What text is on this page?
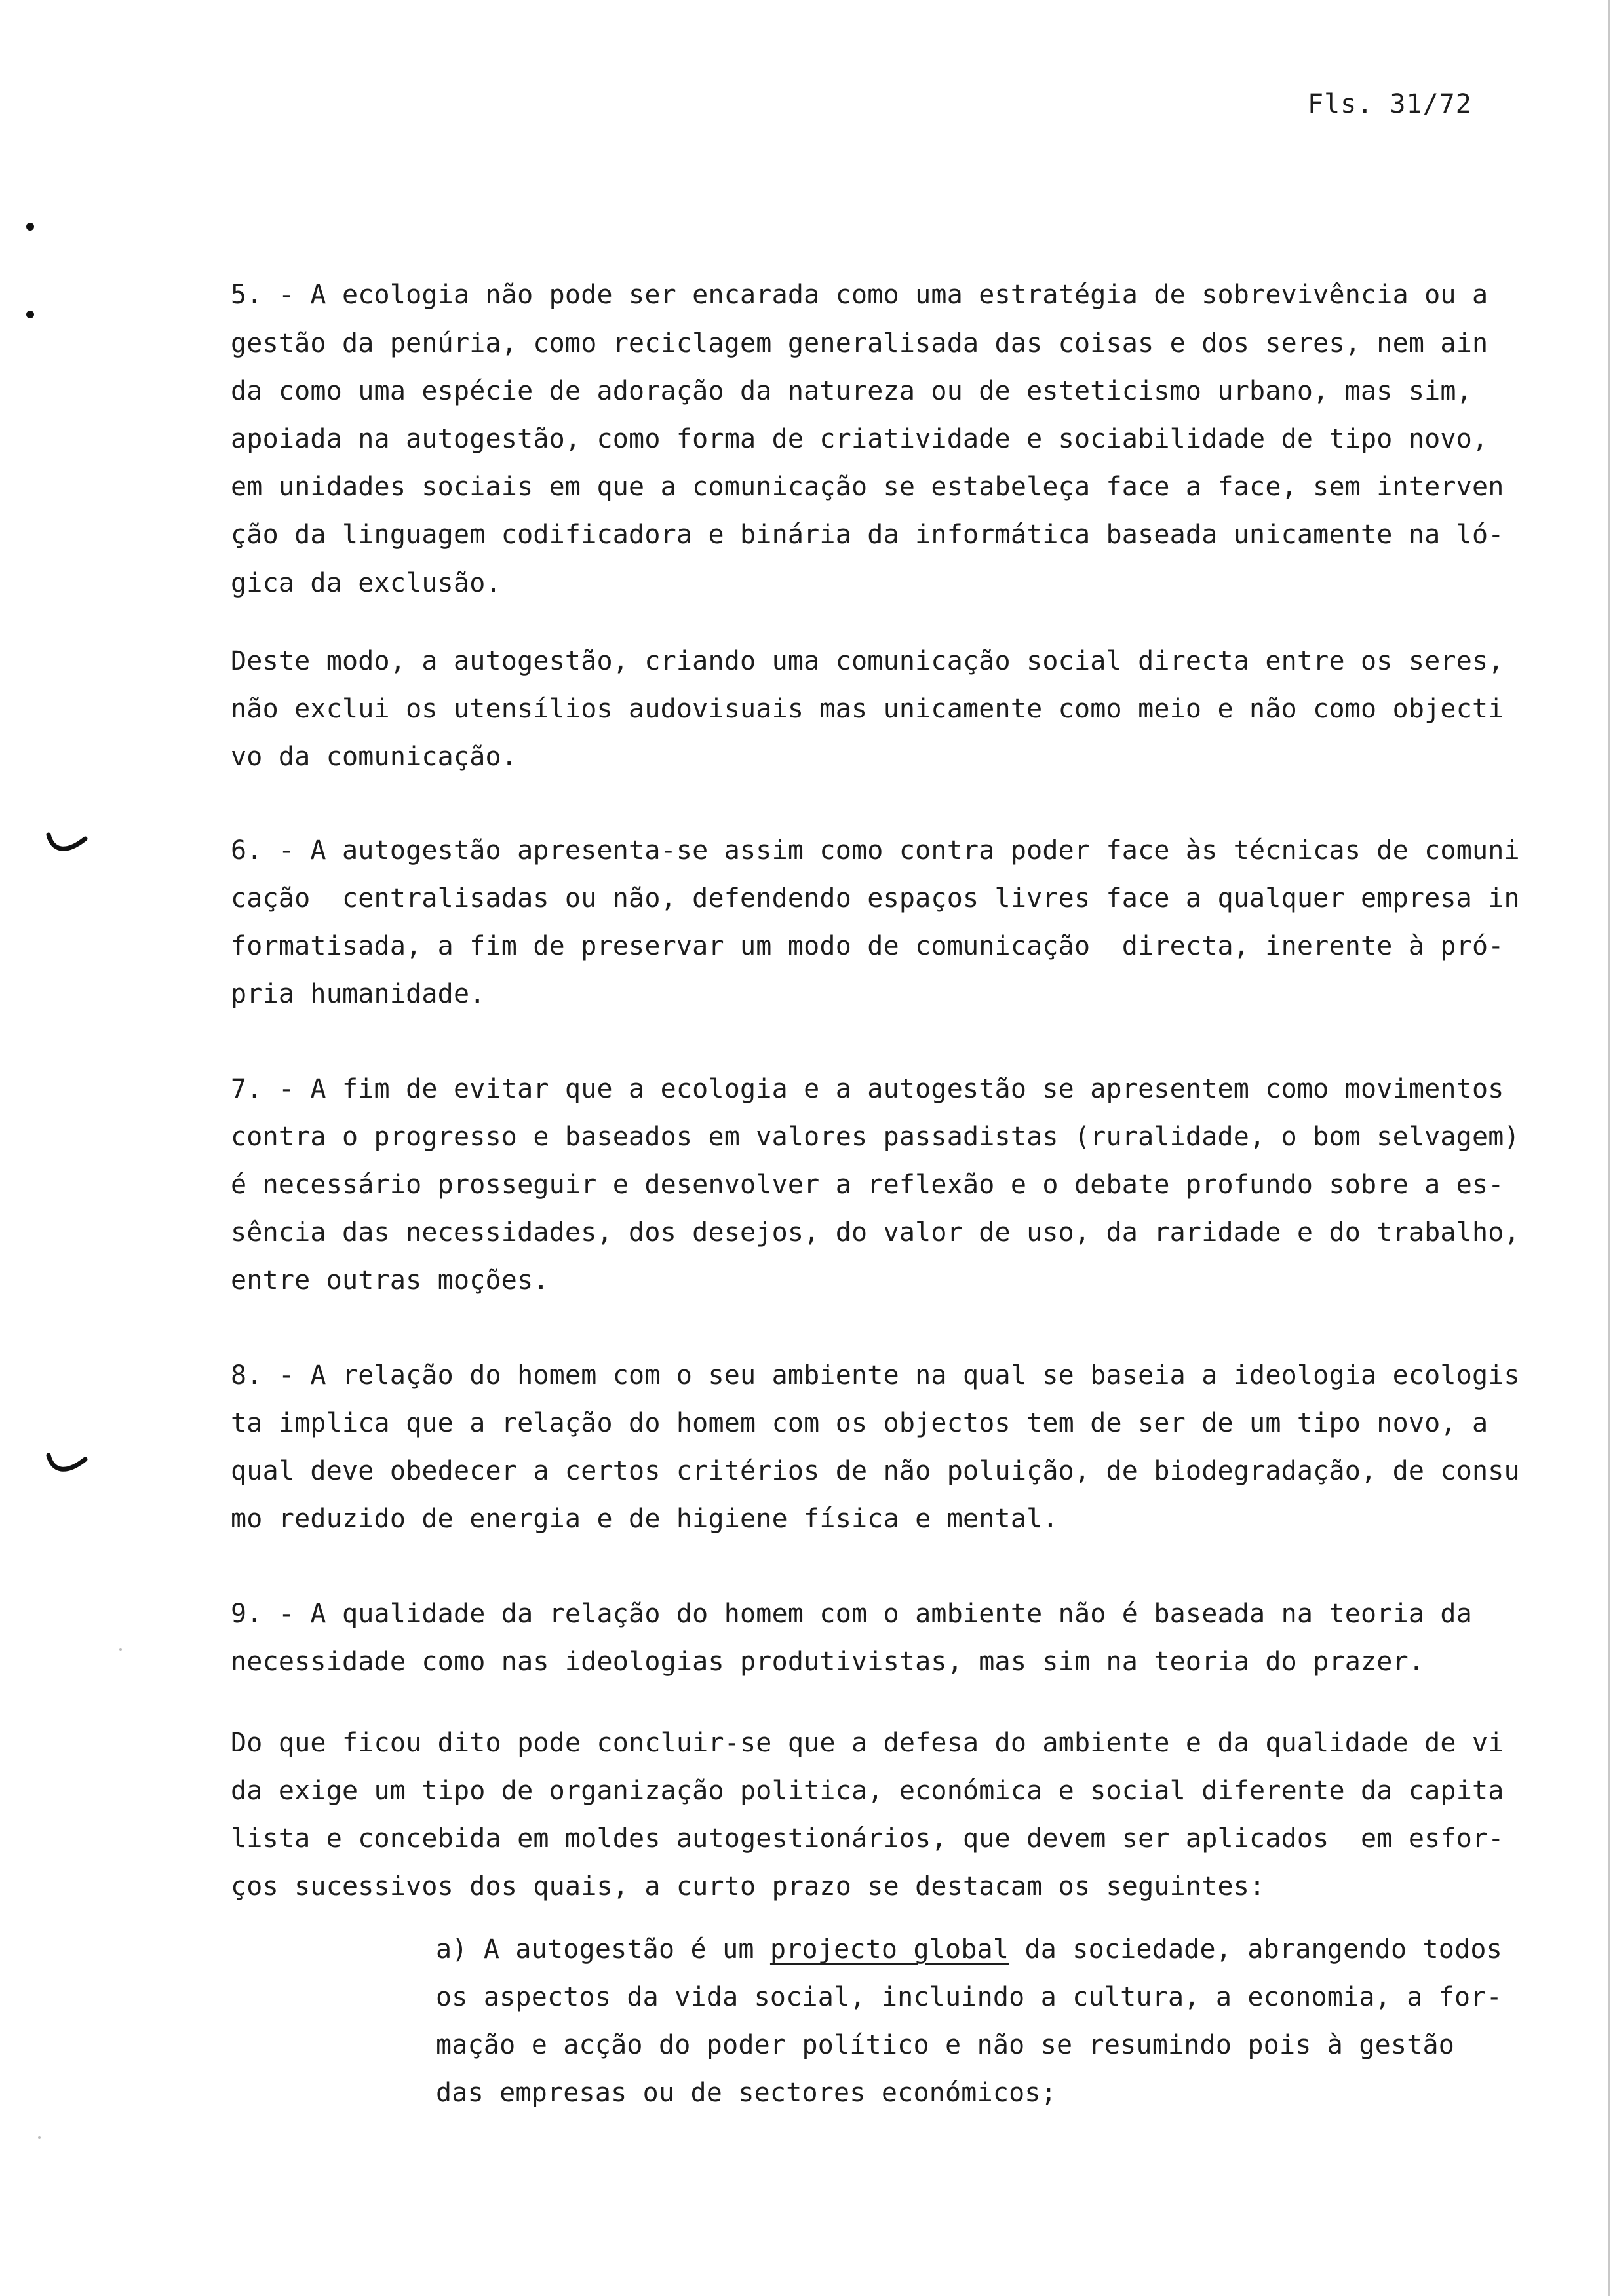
Fls. 31/72
5. - A ecologia não pode ser encarada como uma estratégia de sobrevivência ou a
gestão da penúria, como reciclagem generalisada das coisas e dos seres, nem ain
da como uma espécie de adoração da natureza ou de esteticismo urbano, mas sim,
apoiada na autogestão, como forma de criatividade e sociabilidade de tipo novo,
em unidades sociais em que a comunicação se estabeleça face a face, sem interven
ção da linguagem codificadora e binária da informática baseada unicamente na ló-
gica da exclusão.
Deste modo, a autogestão, criando uma comunicação social directa entre os seres,
não exclui os utensílios audovisuais mas unicamente como meio e não como objecti
vo da comunicação.
6. - A autogestão apresenta-se assim como contra poder face às técnicas de comuni
cação  centralisadas ou não, defendendo espaços livres face a qualquer empresa in
formatisada, a fim de preservar um modo de comunicação  directa, inerente à pró-
pria humanidade.
7. - A fim de evitar que a ecologia e a autogestão se apresentem como movimentos
contra o progresso e baseados em valores passadistas (ruralidade, o bom selvagem)
é necessário prosseguir e desenvolver a reflexão e o debate profundo sobre a es-
sência das necessidades, dos desejos, do valor de uso, da raridade e do trabalho,
entre outras moções.
8. - A relação do homem com o seu ambiente na qual se baseia a ideologia ecologis
ta implica que a relação do homem com os objectos tem de ser de um tipo novo, a
qual deve obedecer a certos critérios de não poluição, de biodegradação, de consu
mo reduzido de energia e de higiene física e mental.
9. - A qualidade da relação do homem com o ambiente não é baseada na teoria da
necessidade como nas ideologias produtivistas, mas sim na teoria do prazer.
Do que ficou dito pode concluir-se que a defesa do ambiente e da qualidade de vi
da exige um tipo de organização politica, económica e social diferente da capita
lista e concebida em moldes autogestionários, que devem ser aplicados  em esfor-
ços sucessivos dos quais, a curto prazo se destacam os seguintes:
a) A autogestão é um projecto global da sociedade, abrangendo todos
os aspectos da vida social, incluindo a cultura, a economia, a for-
mação e acção do poder político e não se resumindo pois à gestão
das empresas ou de sectores económicos;
